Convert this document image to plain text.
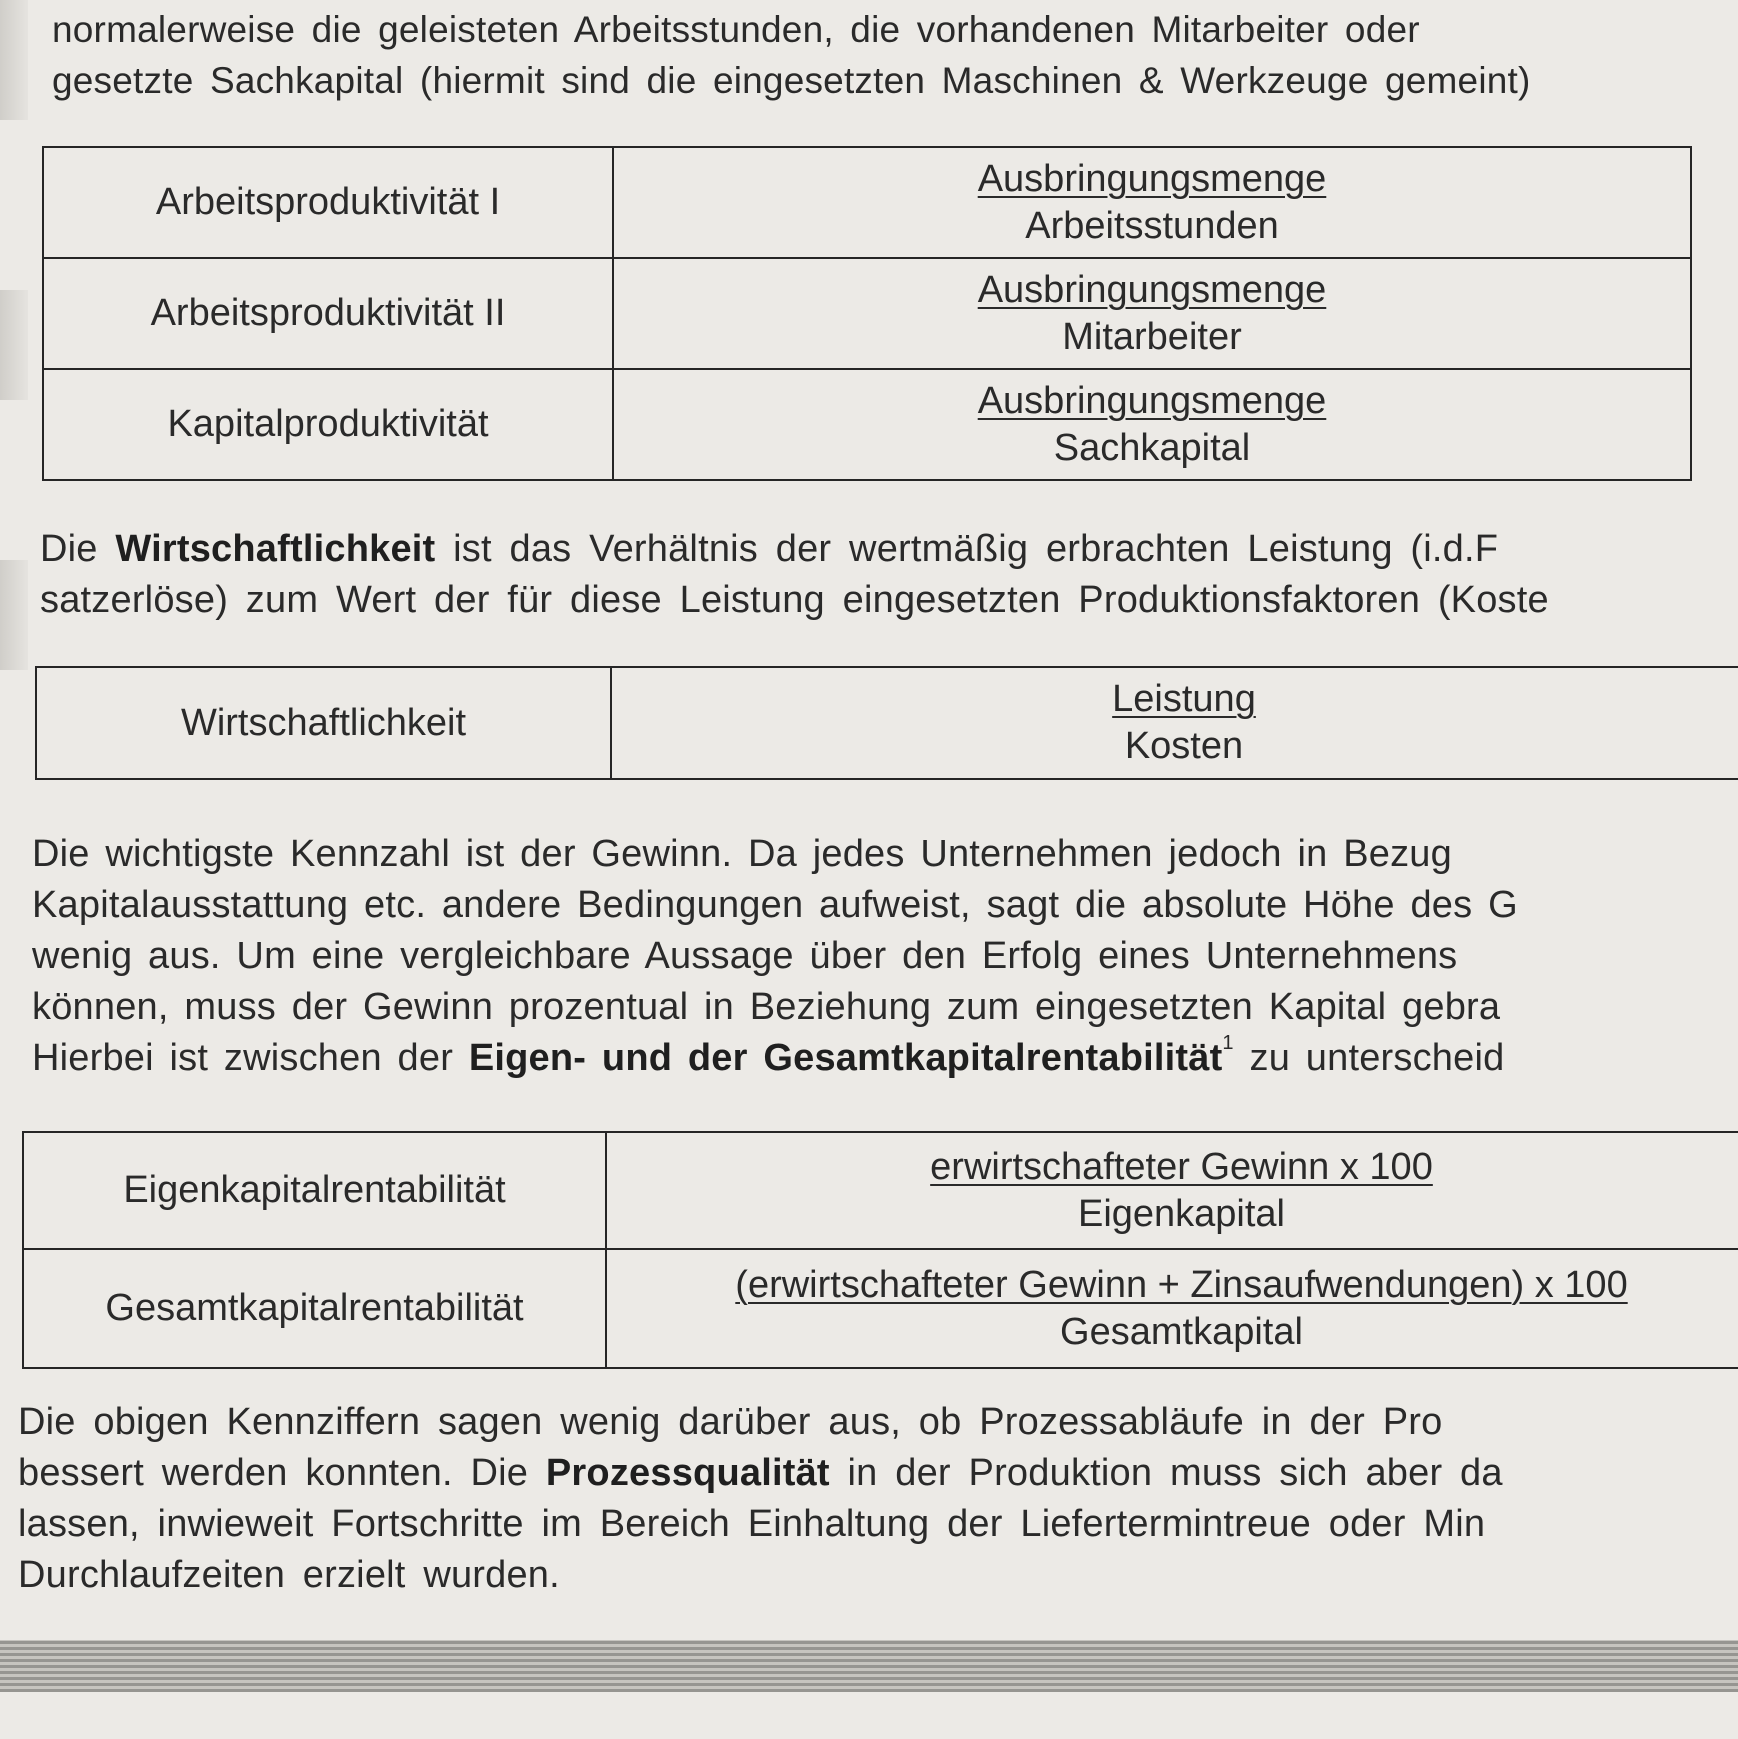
normalerweise die geleisteten Arbeitsstunden, die vorhandenen Mitarbeiter oder
gesetzte Sachkapital (hiermit sind die eingesetzten Maschinen & Werkzeuge gemeint)
Arbeitsproduktivität I	$\frac{\text{Ausbringungsmenge}}{\text{Arbeitsstunden}}$

Arbeitsproduktivität II	$\frac{\text{Ausbringungsmenge}}{\text{Mitarbeiter}}$

Kapitalproduktivität	$\frac{\text{Ausbringungsmenge}}{\text{Sachkapital}}$
Die Wirtschaftlichkeit ist das Verhältnis der wertmäßig erbrachten Leistung (i.d.F
satzerlöse) zum Wert der für diese Leistung eingesetzten Produktionsfaktoren (Koste
Wirtschaftlichkeit	$\frac{\text{Leistung}}{\text{Kosten}}$
Die wichtigste Kennzahl ist der Gewinn. Da jedes Unternehmen jedoch in Bezug
Kapitalausstattung etc. andere Bedingungen aufweist, sagt die absolute Höhe des G
wenig aus. Um eine vergleichbare Aussage über den Erfolg eines Unternehmens
können, muss der Gewinn prozentual in Beziehung zum eingesetzten Kapital gebra
Hierbei ist zwischen der Eigen- und der Gesamtkapitalrentabilität$^1$ zu unterscheid
Eigenkapitalrentabilität	$\frac{\text{erwirtschafteter Gewinn x 100}}{\text{Eigenkapital}}$

Gesamtkapitalrentabilität	$\frac{\text{(erwirtschafteter Gewinn + Zinsaufwendungen) x 100}}{\text{Gesamtkapital}}$
Die obigen Kennziffern sagen wenig darüber aus, ob Prozessabläufe in der Pro
bessert werden konnten. Die Prozessqualität in der Produktion muss sich aber da
lassen, inwieweit Fortschritte im Bereich Einhaltung der Liefertermintreue oder Min
Durchlaufzeiten erzielt wurden.
